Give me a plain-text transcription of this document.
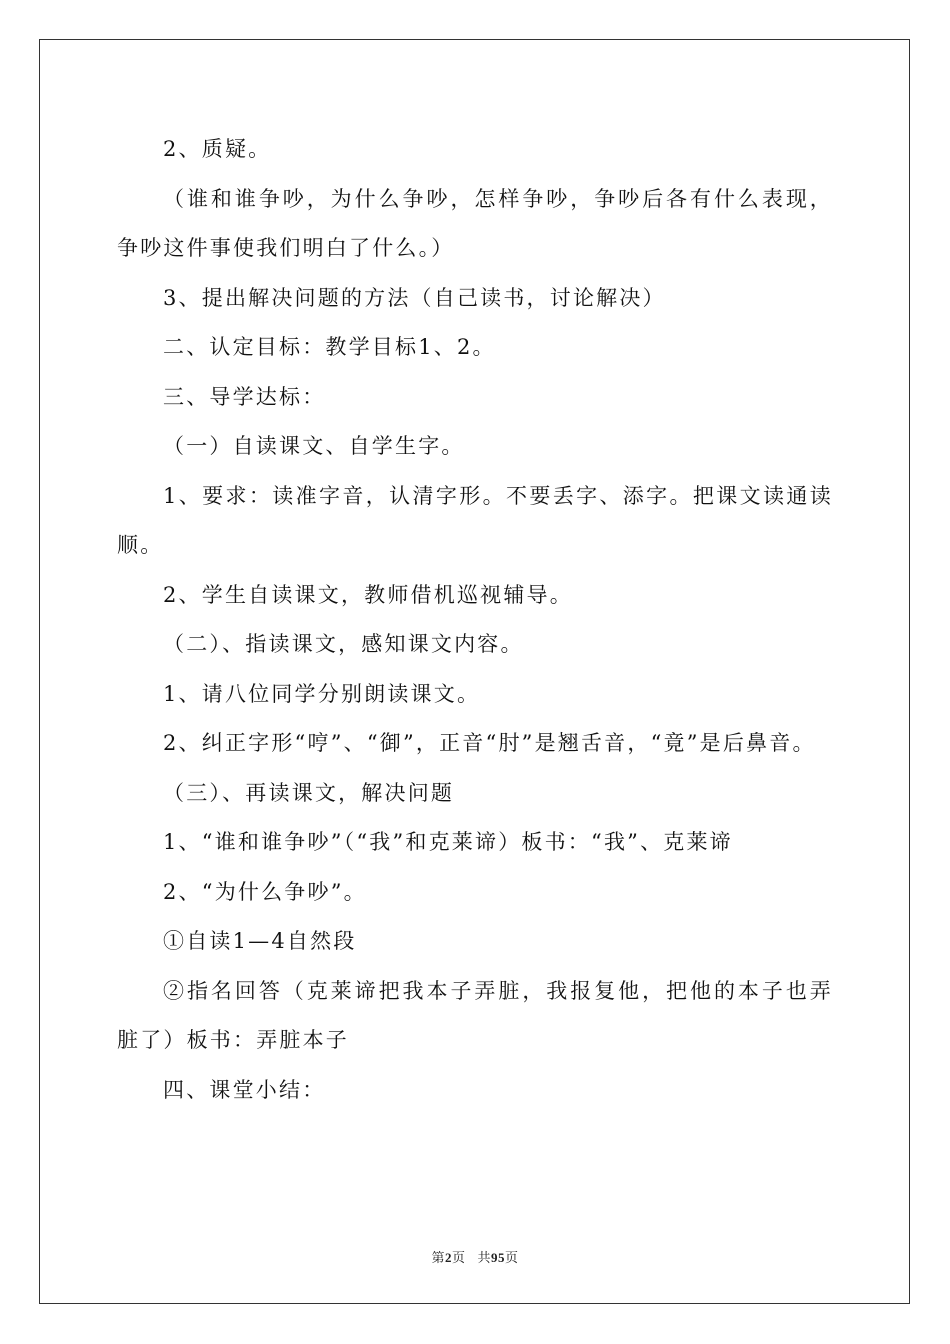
2、质疑。

（谁和谁争吵，为什么争吵，怎样争吵，争吵后各有什么表现，争吵这件事使我们明白了什么。）

3、提出解决问题的方法（自己读书，讨论解决）

二、认定目标：教学目标1、2。

三、导学达标：

（一）自读课文、自学生字。

1、要求：读准字音，认清字形。不要丢字、添字。把课文读通读顺。

2、学生自读课文，教师借机巡视辅导。

（二）、指读课文，感知课文内容。

1、请八位同学分别朗读课文。

2、纠正字形“哼”、“御”，正音“肘”是翘舌音，“竟”是后鼻音。

（三）、再读课文，解决问题

1、“谁和谁争吵”（“我”和克莱谛）板书：“我”、克莱谛

2、“为什么争吵”。

①自读1—4自然段

②指名回答（克莱谛把我本子弄脏，我报复他，把他的本子也弄脏了）板书：弄脏本子

四、课堂小结：

第2页 共95页
